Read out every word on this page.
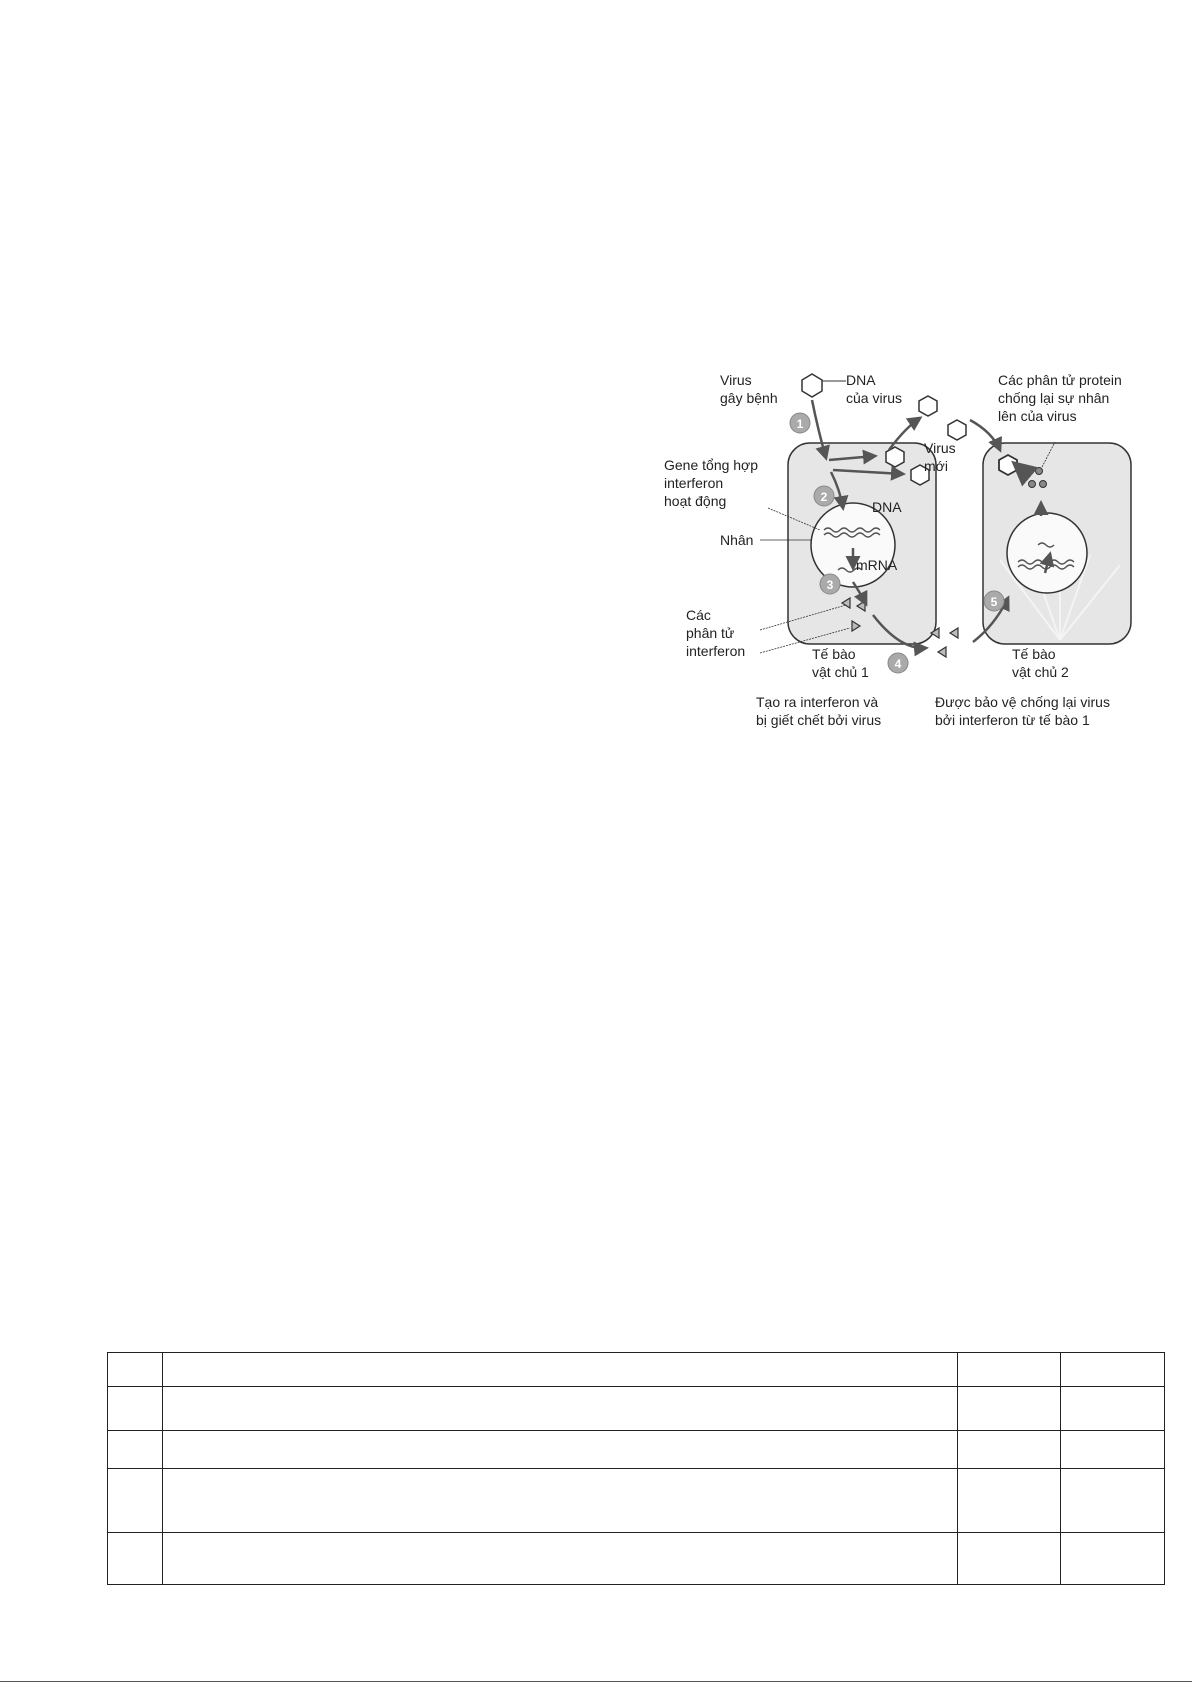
1
2
3
4
5
Virus gây bệnh
DNA của virus
Các phân tử protein chống lại sự nhân lên của virus
Virus mới
Gene tổng hợp interferon hoạt động	DNA
Nhân
mRNA
Các phân tử interferon	Tế bào vật chủ 1
Tế bào vật chủ 2
Tạo ra interferon và bị giết chết bởi virus
Được bảo vệ chống lại virus bởi interferon từ tế bào 1
